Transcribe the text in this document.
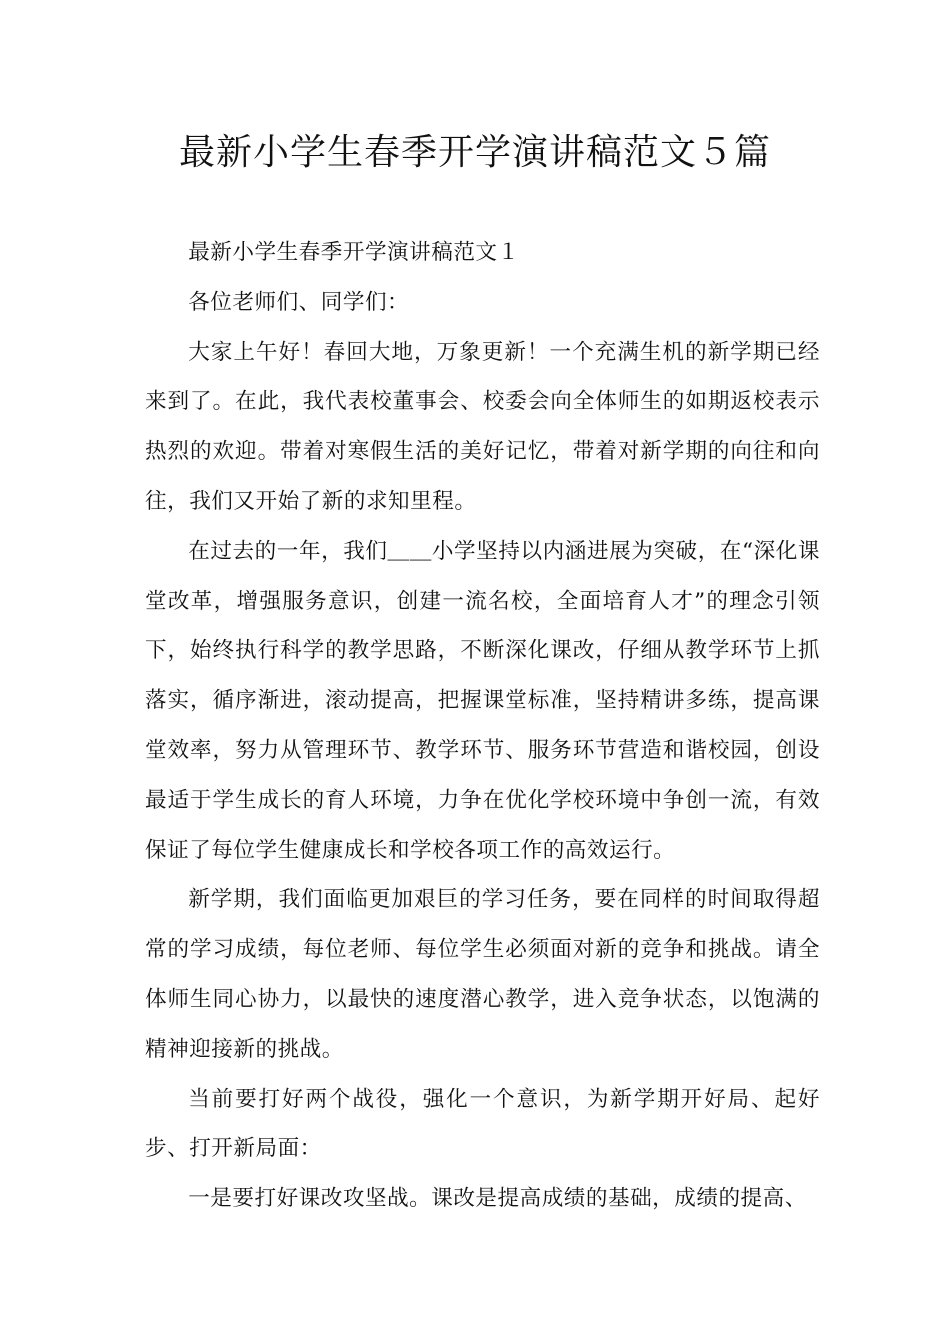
最新小学生春季开学演讲稿范文５篇

最新小学生春季开学演讲稿范文１

各位老师们、同学们：

大家上午好！春回大地，万象更新！一个充满生机的新学期已经来到了。在此，我代表校董事会、校委会向全体师生的如期返校表示热烈的欢迎。带着对寒假生活的美好记忆，带着对新学期的向往和向往，我们又开始了新的求知里程。

在过去的一年，我们＿＿小学坚持以内涵进展为突破，在“深化课堂改革，增强服务意识，创建一流名校，全面培育人才”的理念引领下，始终执行科学的教学思路，不断深化课改，仔细从教学环节上抓落实，循序渐进，滚动提高，把握课堂标准，坚持精讲多练，提高课堂效率，努力从管理环节、教学环节、服务环节营造和谐校园，创设最适于学生成长的育人环境，力争在优化学校环境中争创一流，有效保证了每位学生健康成长和学校各项工作的高效运行。

新学期，我们面临更加艰巨的学习任务，要在同样的时间取得超常的学习成绩，每位老师、每位学生必须面对新的竞争和挑战。请全体师生同心协力，以最快的速度潜心教学，进入竞争状态，以饱满的精神迎接新的挑战。

当前要打好两个战役，强化一个意识，为新学期开好局、起好步、打开新局面：

一是要打好课改攻坚战。课改是提高成绩的基础，成绩的提高、
